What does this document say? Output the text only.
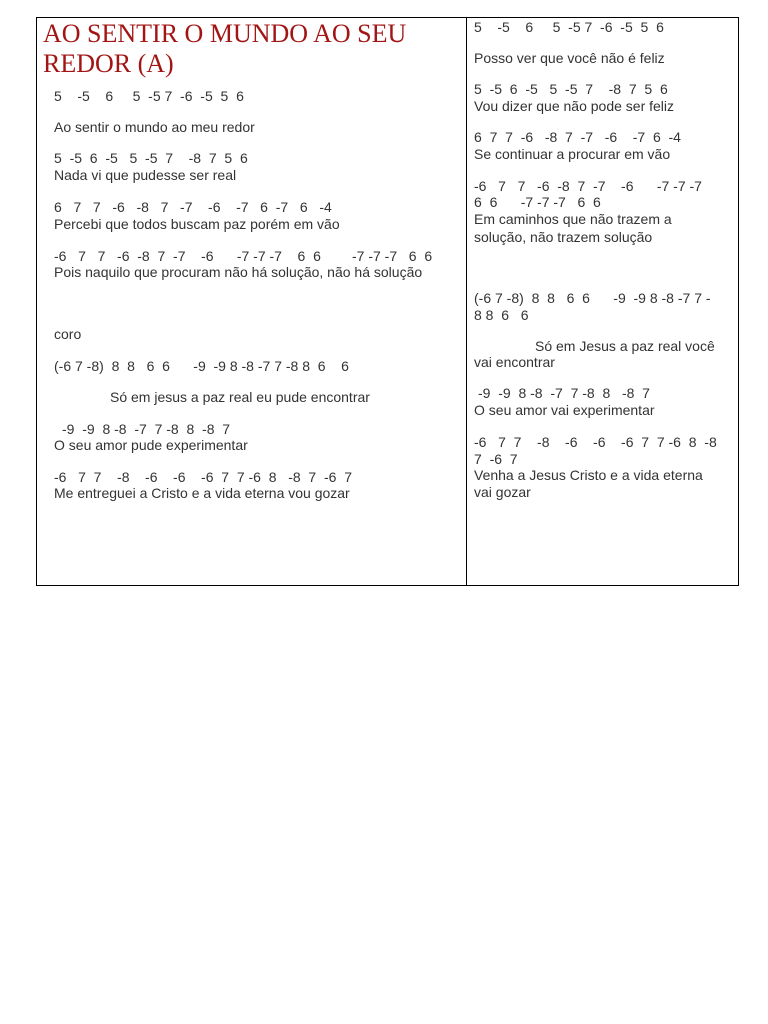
AO SENTIR O MUNDO AO SEU REDOR (A)
5    -5    6     5  -5 7  -6  -5  5  6
Ao sentir o mundo ao meu redor
5  -5  6  -5   5  -5  7    -8  7  5  6
Nada vi que pudesse ser real
6   7   7   -6   -8   7   -7    -6    -7   6  -7   6   -4
Percebi que todos buscam paz porém em vão
-6   7   7   -6  -8  7  -7    -6      -7 -7 -7    6  6        -7 -7 -7   6  6
Pois naquilo que procuram não há solução, não há solução
coro
(-6 7 -8)  8  8   6  6      -9  -9 8 -8 -7 7 -8 8  6    6
Só em jesus a paz real eu pude encontrar
-9  -9  8 -8  -7  7 -8  8  -8  7
O seu amor pude experimentar
-6   7  7    -8    -6    -6    -6  7  7 -6  8   -8  7  -6  7
Me entreguei a Cristo e a vida eterna vou gozar
5    -5    6     5  -5 7  -6  -5  5  6
Posso ver que você não é feliz
5  -5  6  -5   5  -5  7    -8  7  5  6
Vou dizer que não pode ser feliz
6  7  7  -6   -8  7  -7   -6    -7  6  -4
Se continuar a procurar em vão
-6   7   7   -6  -8  7  -7    -6      -7 -7 -7
6  6      -7 -7 -7   6  6
Em caminhos que não trazem a
solução, não trazem solução
(-6 7 -8)  8  8   6  6      -9  -9 8 -8 -7 7 -
8 8  6   6
Só em Jesus a paz real você
vai encontrar
-9  -9  8 -8  -7  7 -8  8   -8  7
O seu amor vai experimentar
-6   7  7    -8    -6    -6    -6  7  7 -6  8  -8
7  -6  7
Venha a Jesus Cristo e a vida eterna
vai gozar
